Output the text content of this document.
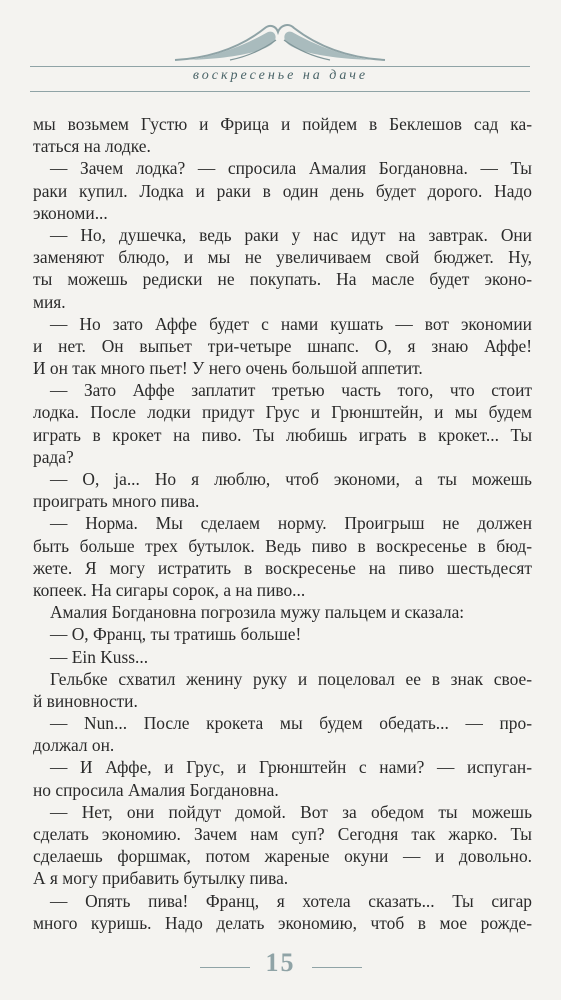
воскресенье на даче
мы возьмем Густю и Фрица и пойдем в Беклешов сад ка-
таться на лодке.
— Зачем лодка? — спросила Амалия Богдановна. — Ты
раки купил. Лодка и раки в один день будет дорого. Надо
экономи...
— Но, душечка, ведь раки у нас идут на завтрак. Они
заменяют блюдо, и мы не увеличиваем свой бюджет. Ну,
ты можешь редиски не покупать. На масле будет эконо-
мия.
— Но зато Аффе будет с нами кушать — вот экономии
и нет. Он выпьет три-четыре шнапс. О, я знаю Аффе!
И он так много пьет! У него очень большой аппетит.
— Зато Аффе заплатит третью часть того, что стоит
лодка. После лодки придут Грус и Грюнштейн, и мы будем
играть в крокет на пиво. Ты любишь играть в крокет... Ты
рада?
— О, ja... Но я люблю, чтоб экономи, а ты можешь
проиграть много пива.
— Норма. Мы сделаем норму. Проигрыш не должен
быть больше трех бутылок. Ведь пиво в воскресенье в бюд-
жете. Я могу истратить в воскресенье на пиво шестьдесят
копеек. На сигары сорок, а на пиво...
Амалия Богдановна погрозила мужу пальцем и сказала:
— О, Франц, ты тратишь больше!
— Ein Kuss...
Гельбке схватил женину руку и поцеловал ее в знак свое-
й виновности.
— Nun... После крокета мы будем обедать... — про-
должал он.
— И Аффе, и Грус, и Грюнштейн с нами? — испуган-
но спросила Амалия Богдановна.
— Нет, они пойдут домой. Вот за обедом ты можешь
сделать экономию. Зачем нам суп? Сегодня так жарко. Ты
сделаешь форшмак, потом жареные окуни — и довольно.
А я могу прибавить бутылку пива.
— Опять пива! Франц, я хотела сказать... Ты сигар
много куришь. Надо делать экономию, чтоб в мое рожде-
15
